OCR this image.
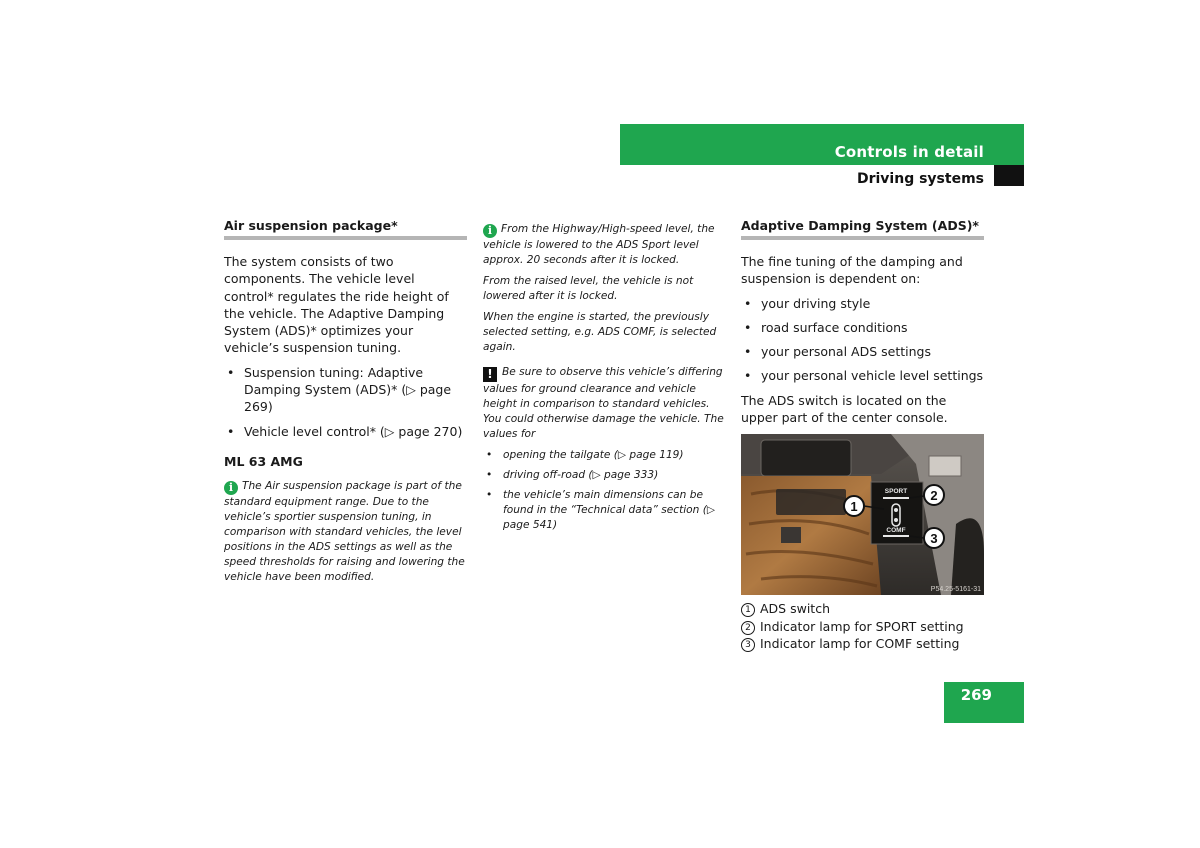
Controls in detail
Driving systems
Air suspension package*

The system consists of two components. The vehicle level control* regulates the ride height of the vehicle. The Adaptive Damping System (ADS)* optimizes your vehicle’s suspension tuning.

• Suspension tuning: Adaptive Damping System (ADS)* (▷ page 269)
• Vehicle level control* (▷ page 270)
ML 63 AMG

i The Air suspension package is part of the standard equipment range. Due to the vehicle’s sportier suspension tuning, in comparison with standard vehicles, the level positions in the ADS settings as well as the speed thresholds for raising and lowering the vehicle have been modified.

i From the Highway/High-speed level, the vehicle is lowered to the ADS Sport level approx. 20 seconds after it is locked.

From the raised level, the vehicle is not lowered after it is locked.

When the engine is started, the previously selected setting, e.g. ADS COMF, is selected again.

! Be sure to observe this vehicle’s differing values for ground clearance and vehicle height in comparison to standard vehicles. You could otherwise damage the vehicle. The values for

• opening the tailgate (▷ page 119)
• driving off-road (▷ page 333)
• the vehicle’s main dimensions can be found in the “Technical data” section (▷ page 541)
Adaptive Damping System (ADS)*

The fine tuning of the damping and suspension is dependent on:

• your driving style
• road surface conditions
• your personal ADS settings
• your personal vehicle level settings

The ADS switch is located on the upper part of the center console.

SPORT
COMF
1
2
3
P54.25-5161-31
1 ADS switch
2 Indicator lamp for SPORT setting
3 Indicator lamp for COMF setting
269
